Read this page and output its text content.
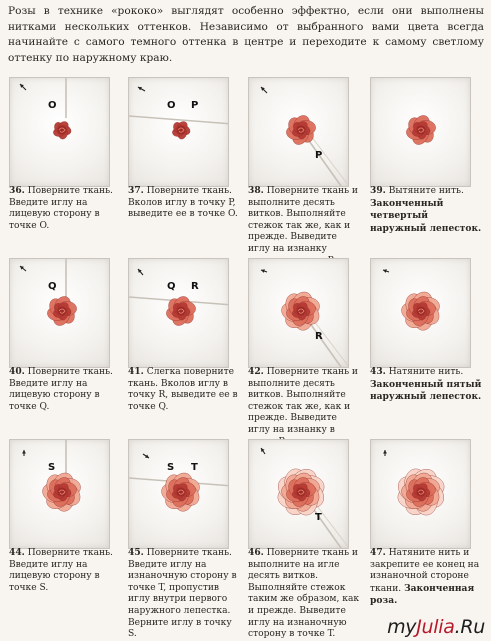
Розы в технике «рококо» выглядят особенно эффектно, если они выполнены нитками нескольких оттенков. Независимо от выбранного вами цвета всегда начинайте с самого темного оттенка в центре и переходите к самому светлому оттенку по наружному краю.
O
36. Поверните ткань. Введите иглу на лицевую сторону в точке O.
O P
37. Поверните ткань. Вколов иглу в точку P, выведите ее в точке O.
P
38. Поверните ткань и выполните десять витков. Выполняйте стежок так же, как и прежде. Выведите иглу на изнанку
39. Вытяните нить. Законченный четвертый наружный лепесток.
Q
40. Поверните ткань. Введите иглу на лицевую сторону в точке Q.
Q R
41. Слегка поверните ткань. Вколов иглу в точку R, выведите ее в точке Q.
R
42. Поверните ткань и выполните десять витков. Выполняйте стежок так же, как и прежде. Выведите иглу на изнанку в
43. Натяните нить. Законченный пятый наружный лепесток.
S
44. Поверните ткань. Введите иглу на лицевую сторону в точке S.
S T
45. Поверните ткань. Введите иглу на изнаночную сторону в точке T, пропустив иглу внутри первого наружного лепестка. Верните иглу в точку S.
T
46. Поверните ткань и выполните на игле десять витков. Выполняйте стежок таким же образом, как и прежде. Выведите иглу на изнаночную сторону в точке T.
47. Натяните нить и закрепите ее конец на изнаночной стороне ткани. Законченная роза.
myJulia.Ru
